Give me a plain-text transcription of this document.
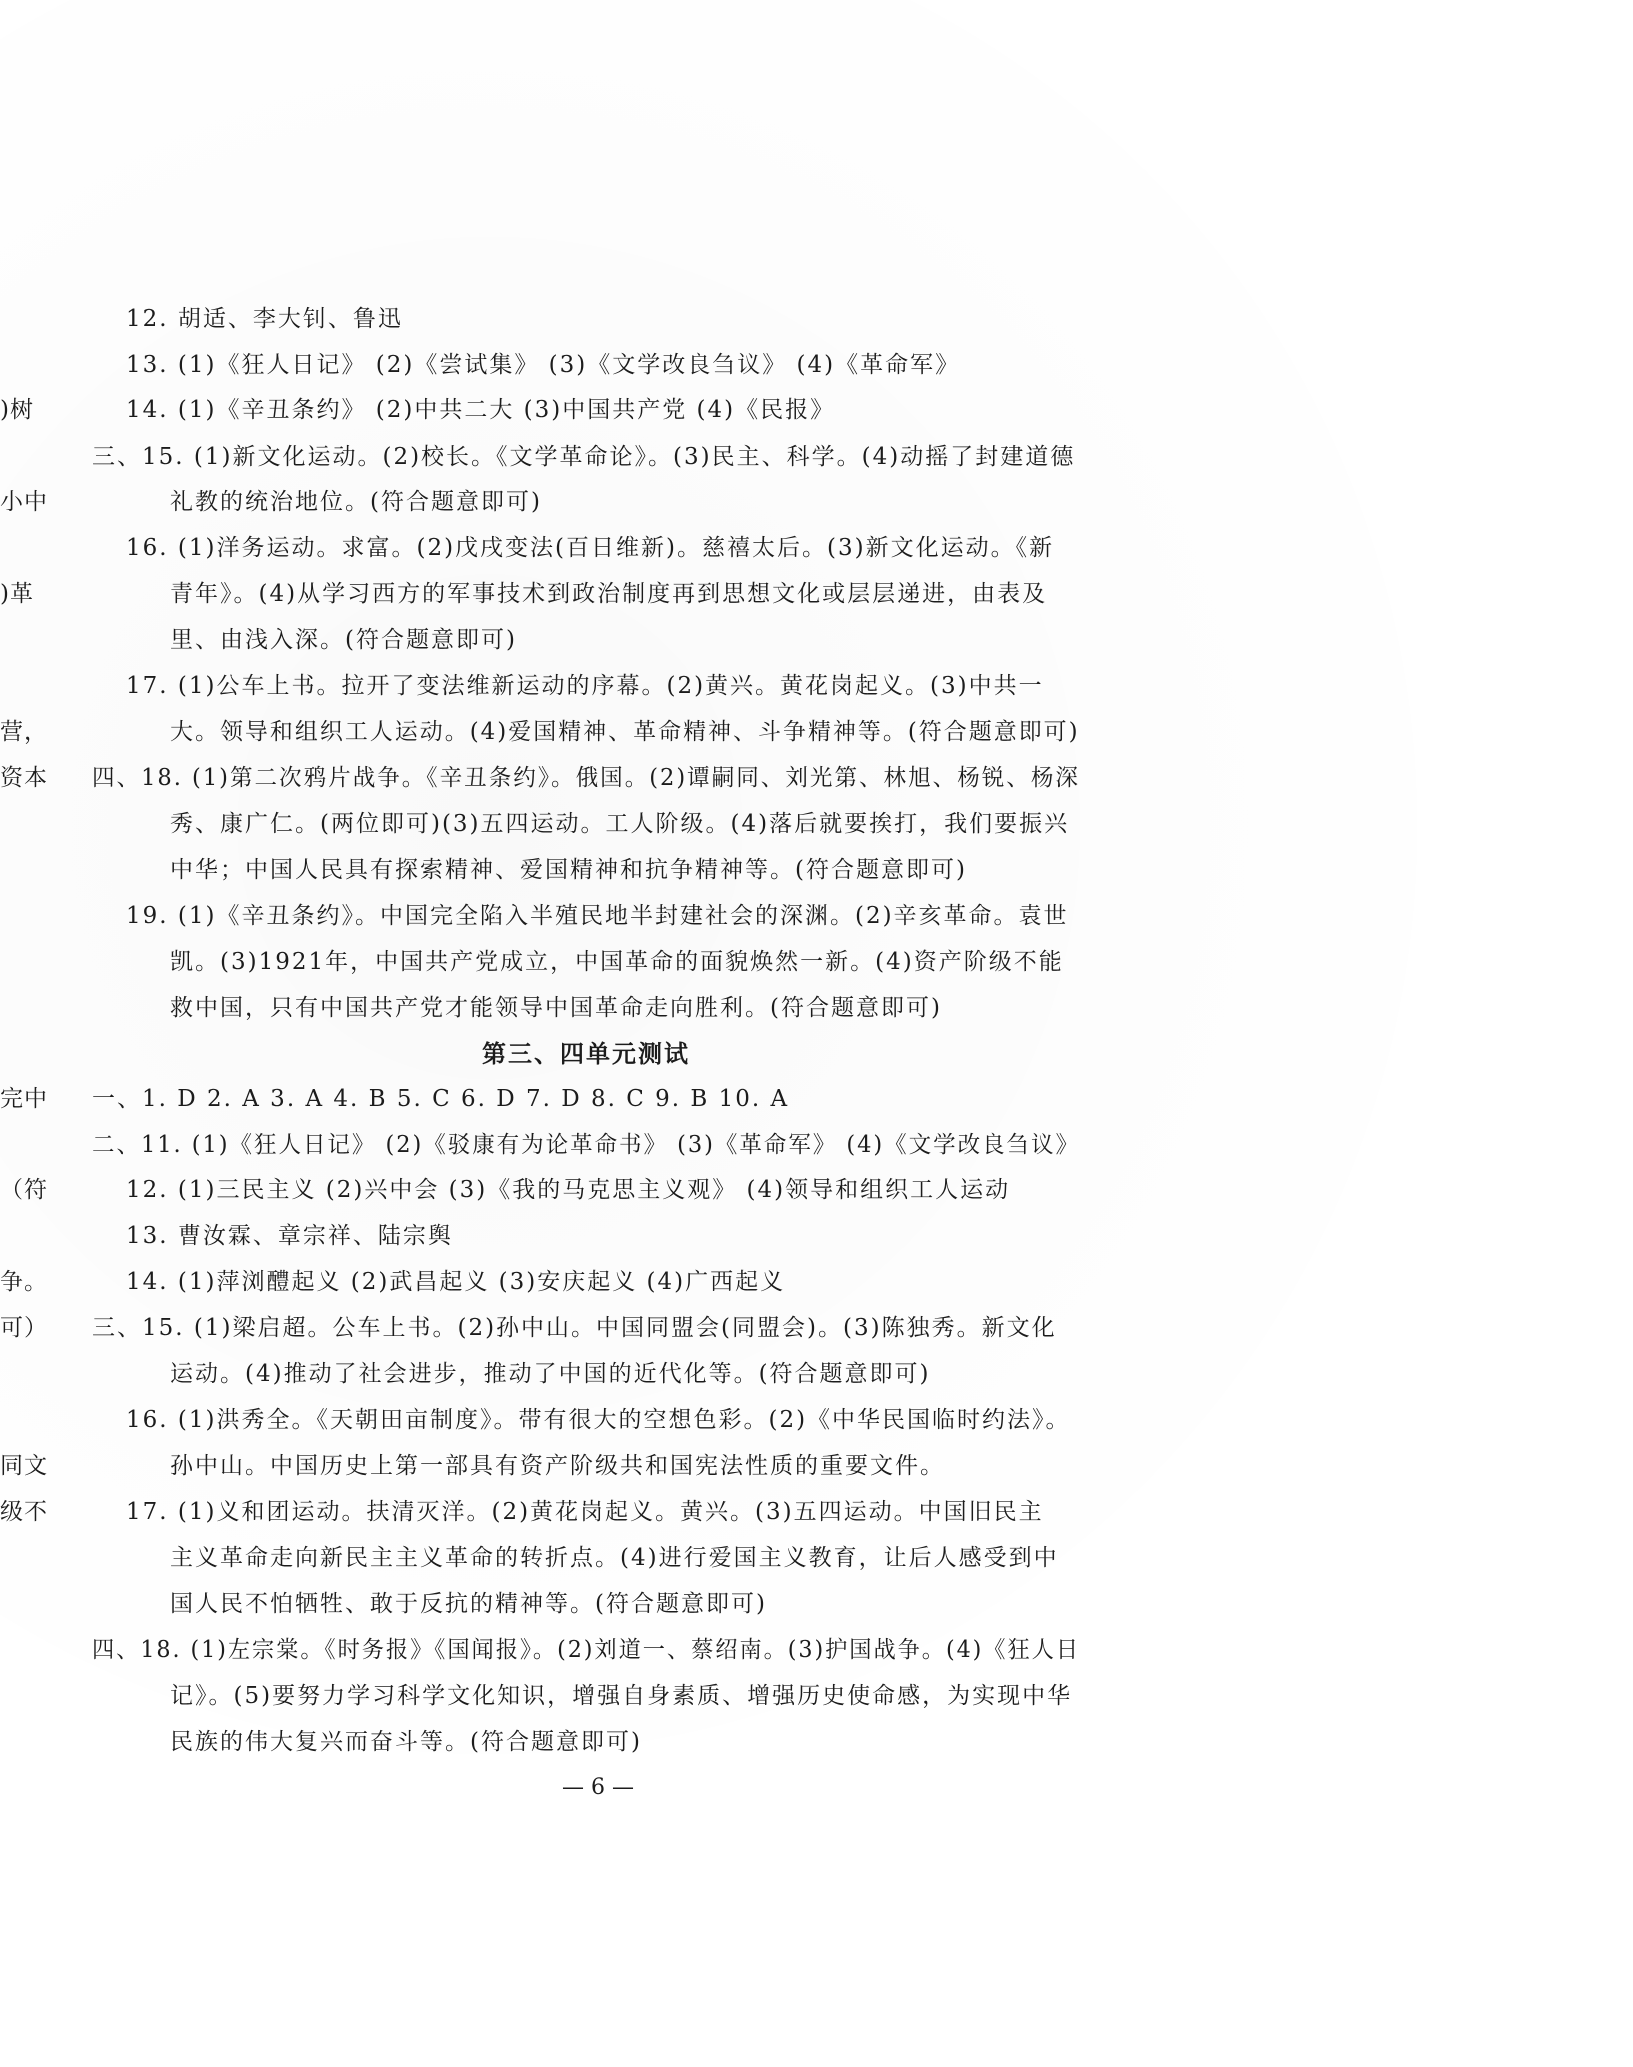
)树
小中
)革
营，
资本
完中
（符
争。
可）
同文
级不
12. 胡适、李大钊、鲁迅
13. (1)《狂人日记》 (2)《尝试集》 (3)《文学改良刍议》 (4)《革命军》
14. (1)《辛丑条约》 (2)中共二大 (3)中国共产党 (4)《民报》
三、15. (1)新文化运动。(2)校长。《文学革命论》。(3)民主、科学。(4)动摇了封建道德
礼教的统治地位。(符合题意即可)
16. (1)洋务运动。求富。(2)戊戌变法(百日维新)。慈禧太后。(3)新文化运动。《新
青年》。(4)从学习西方的军事技术到政治制度再到思想文化或层层递进，由表及
里、由浅入深。(符合题意即可)
17. (1)公车上书。拉开了变法维新运动的序幕。(2)黄兴。黄花岗起义。(3)中共一
大。领导和组织工人运动。(4)爱国精神、革命精神、斗争精神等。(符合题意即可)
四、18. (1)第二次鸦片战争。《辛丑条约》。俄国。(2)谭嗣同、刘光第、林旭、杨锐、杨深
秀、康广仁。(两位即可)(3)五四运动。工人阶级。(4)落后就要挨打，我们要振兴
中华；中国人民具有探索精神、爱国精神和抗争精神等。(符合题意即可)
19. (1)《辛丑条约》。中国完全陷入半殖民地半封建社会的深渊。(2)辛亥革命。袁世
凯。(3)1921年，中国共产党成立，中国革命的面貌焕然一新。(4)资产阶级不能
救中国，只有中国共产党才能领导中国革命走向胜利。(符合题意即可)
第三、四单元测试
一、1. D 2. A 3. A 4. B 5. C 6. D 7. D 8. C 9. B 10. A
二、11. (1)《狂人日记》 (2)《驳康有为论革命书》 (3)《革命军》 (4)《文学改良刍议》
12. (1)三民主义 (2)兴中会 (3)《我的马克思主义观》 (4)领导和组织工人运动
13. 曹汝霖、章宗祥、陆宗舆
14. (1)萍浏醴起义 (2)武昌起义 (3)安庆起义 (4)广西起义
三、15. (1)梁启超。公车上书。(2)孙中山。中国同盟会(同盟会)。(3)陈独秀。新文化
运动。(4)推动了社会进步，推动了中国的近代化等。(符合题意即可)
16. (1)洪秀全。《天朝田亩制度》。带有很大的空想色彩。(2)《中华民国临时约法》。
孙中山。中国历史上第一部具有资产阶级共和国宪法性质的重要文件。
17. (1)义和团运动。扶清灭洋。(2)黄花岗起义。黄兴。(3)五四运动。中国旧民主
主义革命走向新民主主义革命的转折点。(4)进行爱国主义教育，让后人感受到中
国人民不怕牺牲、敢于反抗的精神等。(符合题意即可)
四、18. (1)左宗棠。《时务报》《国闻报》。(2)刘道一、蔡绍南。(3)护国战争。(4)《狂人日
记》。(5)要努力学习科学文化知识，增强自身素质、增强历史使命感，为实现中华
民族的伟大复兴而奋斗等。(符合题意即可)
— 6 —
